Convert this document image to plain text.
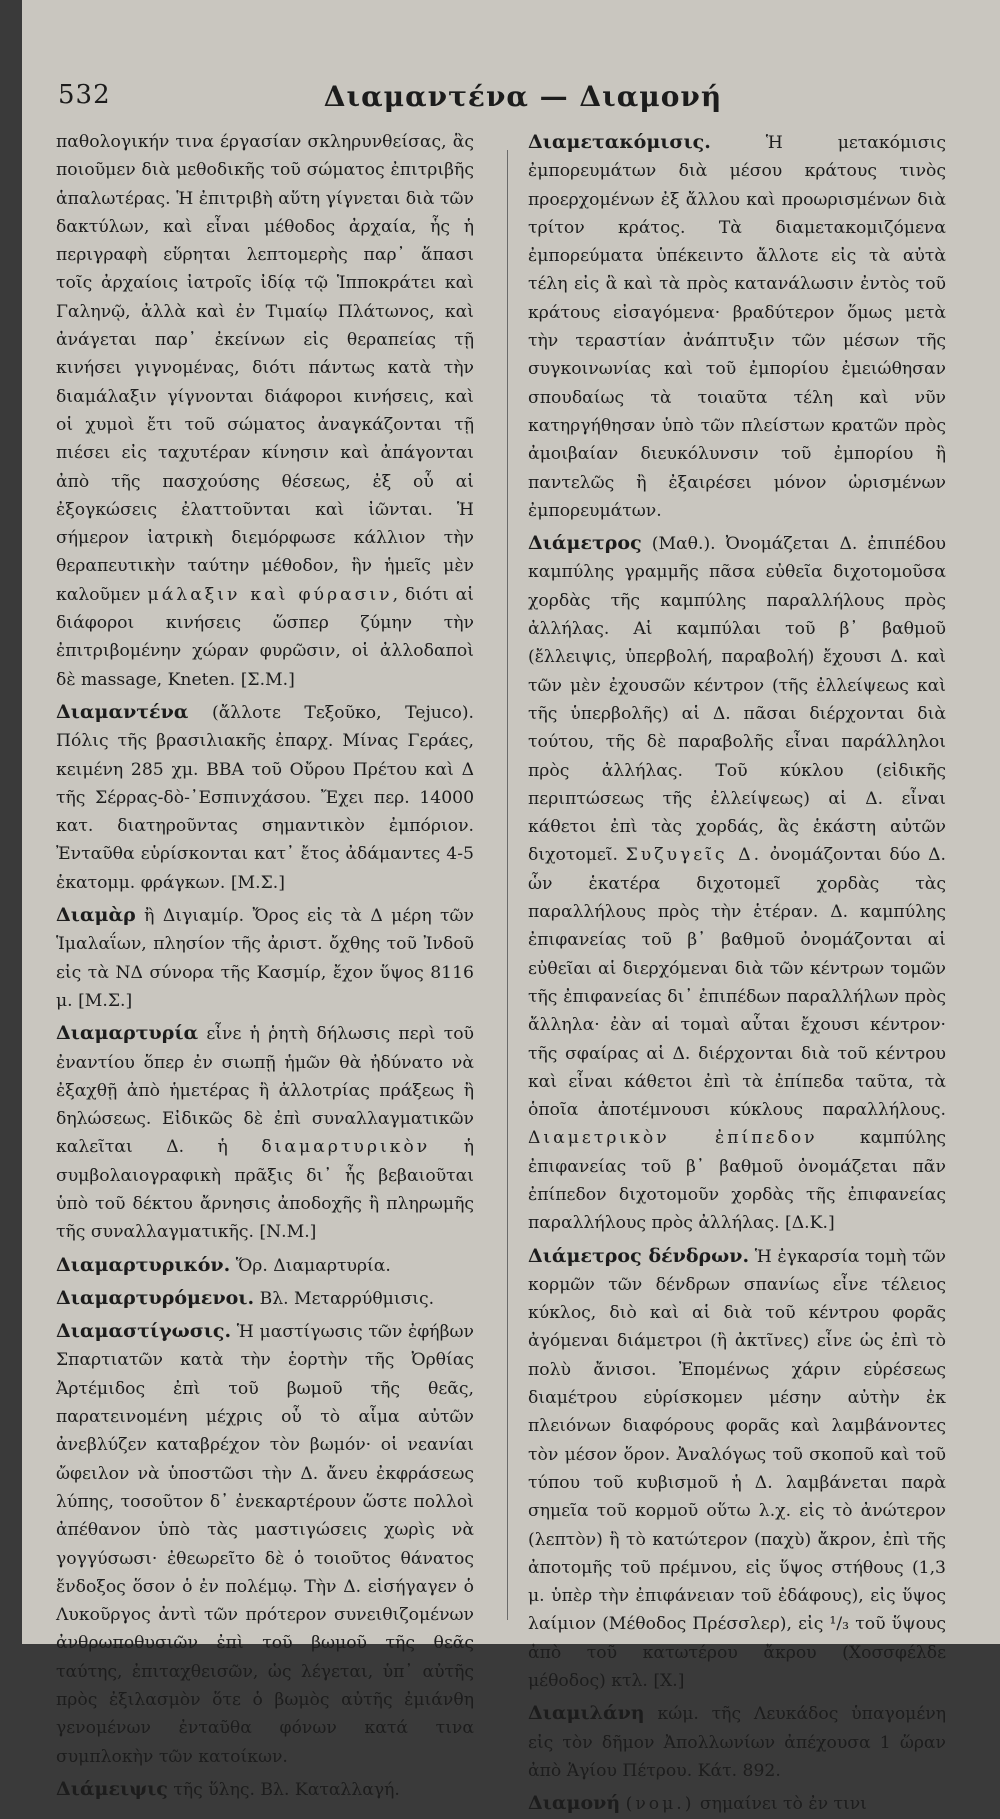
532	Διαμαντένα — Διαμονή

παθολογικήν τινα έργασίαν σκληρυνθείσας, ἃς ποιοῦμεν διὰ μεθοδικῆς τοῦ σώματος ἐπιτριβῆς ἁπαλωτέρας. Ἡ ἐπιτριβὴ αὕτη γίγνεται διὰ τῶν δακτύλων, καὶ εἶναι μέθοδος ἀρχαία, ἧς ἡ περιγραφὴ εὕρηται λεπτομερὴς παρ᾿ ἅπασι τοῖς ἀρχαίοις ἰατροῖς ἰδίᾳ τῷ Ἱπποκράτει καὶ Γαληνῷ, ἀλλὰ καὶ ἐν Τιμαίῳ Πλάτωνος, καὶ ἀνάγεται παρ᾿ ἐκείνων εἰς θεραπείας τῇ κινήσει γιγνομένας, διότι πάντως κατὰ τὴν διαμάλαξιν γίγνονται διάφοροι κινήσεις, καὶ οἱ χυμοὶ ἔτι τοῦ σώματος ἀναγκάζονται τῇ πιέσει εἰς ταχυτέραν κίνησιν καὶ ἀπάγονται ἀπὸ τῆς πασχούσης θέσεως, ἐξ οὗ αἱ ἐξογκώσεις ἐλαττοῦνται καὶ ἰῶνται. Ἡ σήμερον ἰατρικὴ διεμόρφωσε κάλλιον τὴν θεραπευτικὴν ταύτην μέθοδον, ἣν ἡμεῖς μὲν καλοῦμεν μάλαξιν καὶ φύρασιν, διότι αἱ διάφοροι κινήσεις ὥσπερ ζύμην τὴν ἐπιτριβομένην χώραν φυρῶσιν, οἱ ἀλλοδαποὶ δὲ massage, Kneten. [Σ.Μ.]

Διαμαντένα (ἄλλοτε Τεξοῦκο, Tejuco). Πόλις τῆς βρασιλιακῆς ἐπαρχ. Μίνας Γεράες, κειμένη 285 χμ. ΒΒΑ τοῦ Οὔρου Πρέτου καὶ Δ τῆς Σέρρας-δὸ-᾿Εσπινχάσου. Ἔχει περ. 14000 κατ. διατηροῦντας σημαντικὸν ἐμπόριον. Ἐνταῦθα εὑρίσκονται κατ᾿ ἔτος ἀδάμαντες 4-5 ἑκατομμ. φράγκων. [Μ.Σ.]

Διαμὰρ ἢ Διγιαμίρ. Ὄρος εἰς τὰ Δ μέρη τῶν Ἱμαλαΐων, πλησίον τῆς ἀριστ. ὄχθης τοῦ Ἰνδοῦ εἰς τὰ ΝΔ σύνορα τῆς Κασμίρ, ἔχον ὕψος 8116 μ. [Μ.Σ.]

Διαμαρτυρία εἶνε ἡ ῥητὴ δήλωσις περὶ τοῦ ἐναντίου ὅπερ ἐν σιωπῇ ἡμῶν θὰ ἠδύνατο νὰ ἐξαχθῇ ἀπὸ ἡμετέρας ἢ ἀλλοτρίας πράξεως ἢ δηλώσεως. Εἰδικῶς δὲ ἐπὶ συναλλαγματικῶν καλεῖται Δ. ἡ διαμαρτυρικὸν ἡ συμβολαιογραφικὴ πρᾶξις δι᾿ ἧς βεβαιοῦται ὑπὸ τοῦ δέκτου ἄρνησις ἀποδοχῆς ἢ πληρωμῆς τῆς συναλλαγματικῆς. [Ν.Μ.]

Διαμαρτυρικόν. Ὅρ. Διαμαρτυρία.

Διαμαρτυρόμενοι. Βλ. Μεταρρύθμισις.

Διαμαστίγωσις. Ἡ μαστίγωσις τῶν ἐφήβων Σπαρτιατῶν κατὰ τὴν ἑορτὴν τῆς Ὀρθίας Ἀρτέμιδος ἐπὶ τοῦ βωμοῦ τῆς θεᾶς, παρατεινομένη μέχρις οὗ τὸ αἷμα αὐτῶν ἀνεβλύζεν καταβρέχον τὸν βωμόν· οἱ νεανίαι ὤφειλον νὰ ὑποστῶσι τὴν Δ. ἄνευ ἐκφράσεως λύπης, τοσοῦτον δ᾿ ἐνεκαρτέρουν ὥστε πολλοὶ ἀπέθανον ὑπὸ τὰς μαστιγώσεις χωρὶς νὰ γογγύσωσι· ἐθεωρεῖτο δὲ ὁ τοιοῦτος θάνατος ἔνδοξος ὅσον ὁ ἐν πολέμῳ. Τὴν Δ. εἰσήγαγεν ὁ Λυκοῦργος ἀντὶ τῶν πρότερον συνειθιζομένων ἀνθρωποθυσιῶν ἐπὶ τοῦ βωμοῦ τῆς θεᾶς ταύτης, ἐπιταχθεισῶν, ὡς λέγεται, ὑπ᾿ αὐτῆς πρὸς ἐξιλασμὸν ὅτε ὁ βωμὸς αὐτῆς ἐμιάνθη γενομένων ἐνταῦθα φόνων κατά τινα συμπλοκὴν τῶν κατοίκων.

Διάμειψις τῆς ὕλης. Βλ. Καταλλαγή.

Διαμετακόμισις.	Ἡ μετακόμισις ἐμπορευμάτων διὰ μέσου κράτους τινὸς προερχομένων ἐξ ἄλλου καὶ προωρισμένων διὰ τρίτον κράτος. Τὰ διαμετακομιζόμενα ἐμπορεύματα ὑπέκειντο ἄλλοτε εἰς τὰ αὐτὰ τέλη εἰς ἃ καὶ τὰ πρὸς κατανάλωσιν ἐντὸς τοῦ κράτους εἰσαγόμενα· βραδύτερον ὅμως μετὰ τὴν τεραστίαν ἀνάπτυξιν τῶν μέσων τῆς συγκοινωνίας καὶ τοῦ ἐμπορίου ἐμειώθησαν σπουδαίως τὰ τοιαῦτα τέλη καὶ νῦν κατηργήθησαν ὑπὸ τῶν πλείστων κρατῶν πρὸς ἀμοιβαίαν διευκόλυνσιν τοῦ ἐμπορίου ἢ παντελῶς ἢ ἐξαιρέσει μόνον ὡρισμένων ἐμπορευμάτων.

Διάμετρος (Μαθ.). Ὀνομάζεται Δ. ἐπιπέδου καμπύλης γραμμῆς πᾶσα εὐθεῖα διχοτομοῦσα χορδὰς τῆς καμπύλης παραλλήλους πρὸς ἀλλήλας. Αἱ καμπύλαι τοῦ β᾿ βαθμοῦ (ἔλλειψις, ὑπερβολή, παραβολή) ἔχουσι Δ. καὶ τῶν μὲν ἐχουσῶν κέντρον (τῆς ἐλλείψεως καὶ τῆς ὑπερβολῆς) αἱ Δ. πᾶσαι διέρχονται διὰ τούτου, τῆς δὲ παραβολῆς εἶναι παράλληλοι πρὸς ἀλλήλας. Τοῦ κύκλου (εἰδικῆς περιπτώσεως τῆς ἐλλείψεως) αἱ Δ. εἶναι κάθετοι ἐπὶ τὰς χορδάς, ἃς ἑκάστη αὐτῶν διχοτομεῖ. Συζυγεῖς Δ. ὀνομάζονται δύο Δ. ὧν ἑκατέρα διχοτομεῖ χορδὰς τὰς παραλλήλους πρὸς τὴν ἑτέραν. Δ. καμπύλης ἐπιφανείας τοῦ β᾿ βαθμοῦ ὀνομάζονται αἱ εὐθεῖαι αἱ διερχόμεναι διὰ τῶν κέντρων τομῶν τῆς ἐπιφανείας δι᾿ ἐπιπέδων παραλλήλων πρὸς ἄλληλα· ἐὰν αἱ τομαὶ αὗται ἔχουσι κέντρον· τῆς σφαίρας αἱ Δ. διέρχονται διὰ τοῦ κέντρου καὶ εἶναι κάθετοι ἐπὶ τὰ ἐπίπεδα ταῦτα, τὰ ὁποῖα ἀποτέμνουσι κύκλους παραλλήλους. Διαμετρικὸν ἐπίπεδον καμπύλης ἐπιφανείας τοῦ β᾿ βαθμοῦ ὀνομάζεται πᾶν ἐπίπεδον διχοτομοῦν χορδὰς τῆς ἐπιφανείας παραλλήλους πρὸς ἀλλήλας. [Δ.Κ.]

Διάμετρος δένδρων. Ἡ ἐγκαρσία τομὴ τῶν κορμῶν τῶν δένδρων σπανίως εἶνε τέλειος κύκλος, διὸ καὶ αἱ διὰ τοῦ κέντρου φορᾶς ἀγόμεναι διάμετροι (ἢ ἀκτῖνες) εἶνε ὡς ἐπὶ τὸ πολὺ ἄνισοι. Ἐπομένως χάριν εὑρέσεως διαμέτρου εὑρίσκομεν μέσην αὐτὴν ἐκ πλειόνων διαφόρους φορᾶς καὶ λαμβάνοντες τὸν μέσον ὅρον. Ἀναλόγως τοῦ σκοποῦ καὶ τοῦ τύπου τοῦ κυβισμοῦ ἡ Δ. λαμβάνεται παρὰ σημεῖα τοῦ κορμοῦ οὕτω λ.χ. εἰς τὸ ἀνώτερον (λεπτὸν) ἢ τὸ κατώτερον (παχὺ) ἄκρον, ἐπὶ τῆς ἀποτομῆς τοῦ πρέμνου, εἰς ὕψος στήθους (1,3 μ. ὑπὲρ τὴν ἐπιφάνειαν τοῦ ἐδάφους), εἰς ὕψος λαίμιον (Μέθοδος Πρέσσλερ), εἰς ¹/₃ τοῦ ὕψους ἀπὸ τοῦ κατωτέρου ἄκρου (Χοσσφέλδε μέθοδος) κτλ. [Χ.]

Διαμιλάνη κώμ. τῆς Λευκάδος ὑπαγομένη εἰς τὸν δῆμον Ἀπολλωνίων ἀπέχουσα 1 ὥραν ἀπὸ Ἁγίου Πέτρου. Κάτ. 892.

Διαμονή (νομ.) σημαίνει τὸ ἐν τινι
